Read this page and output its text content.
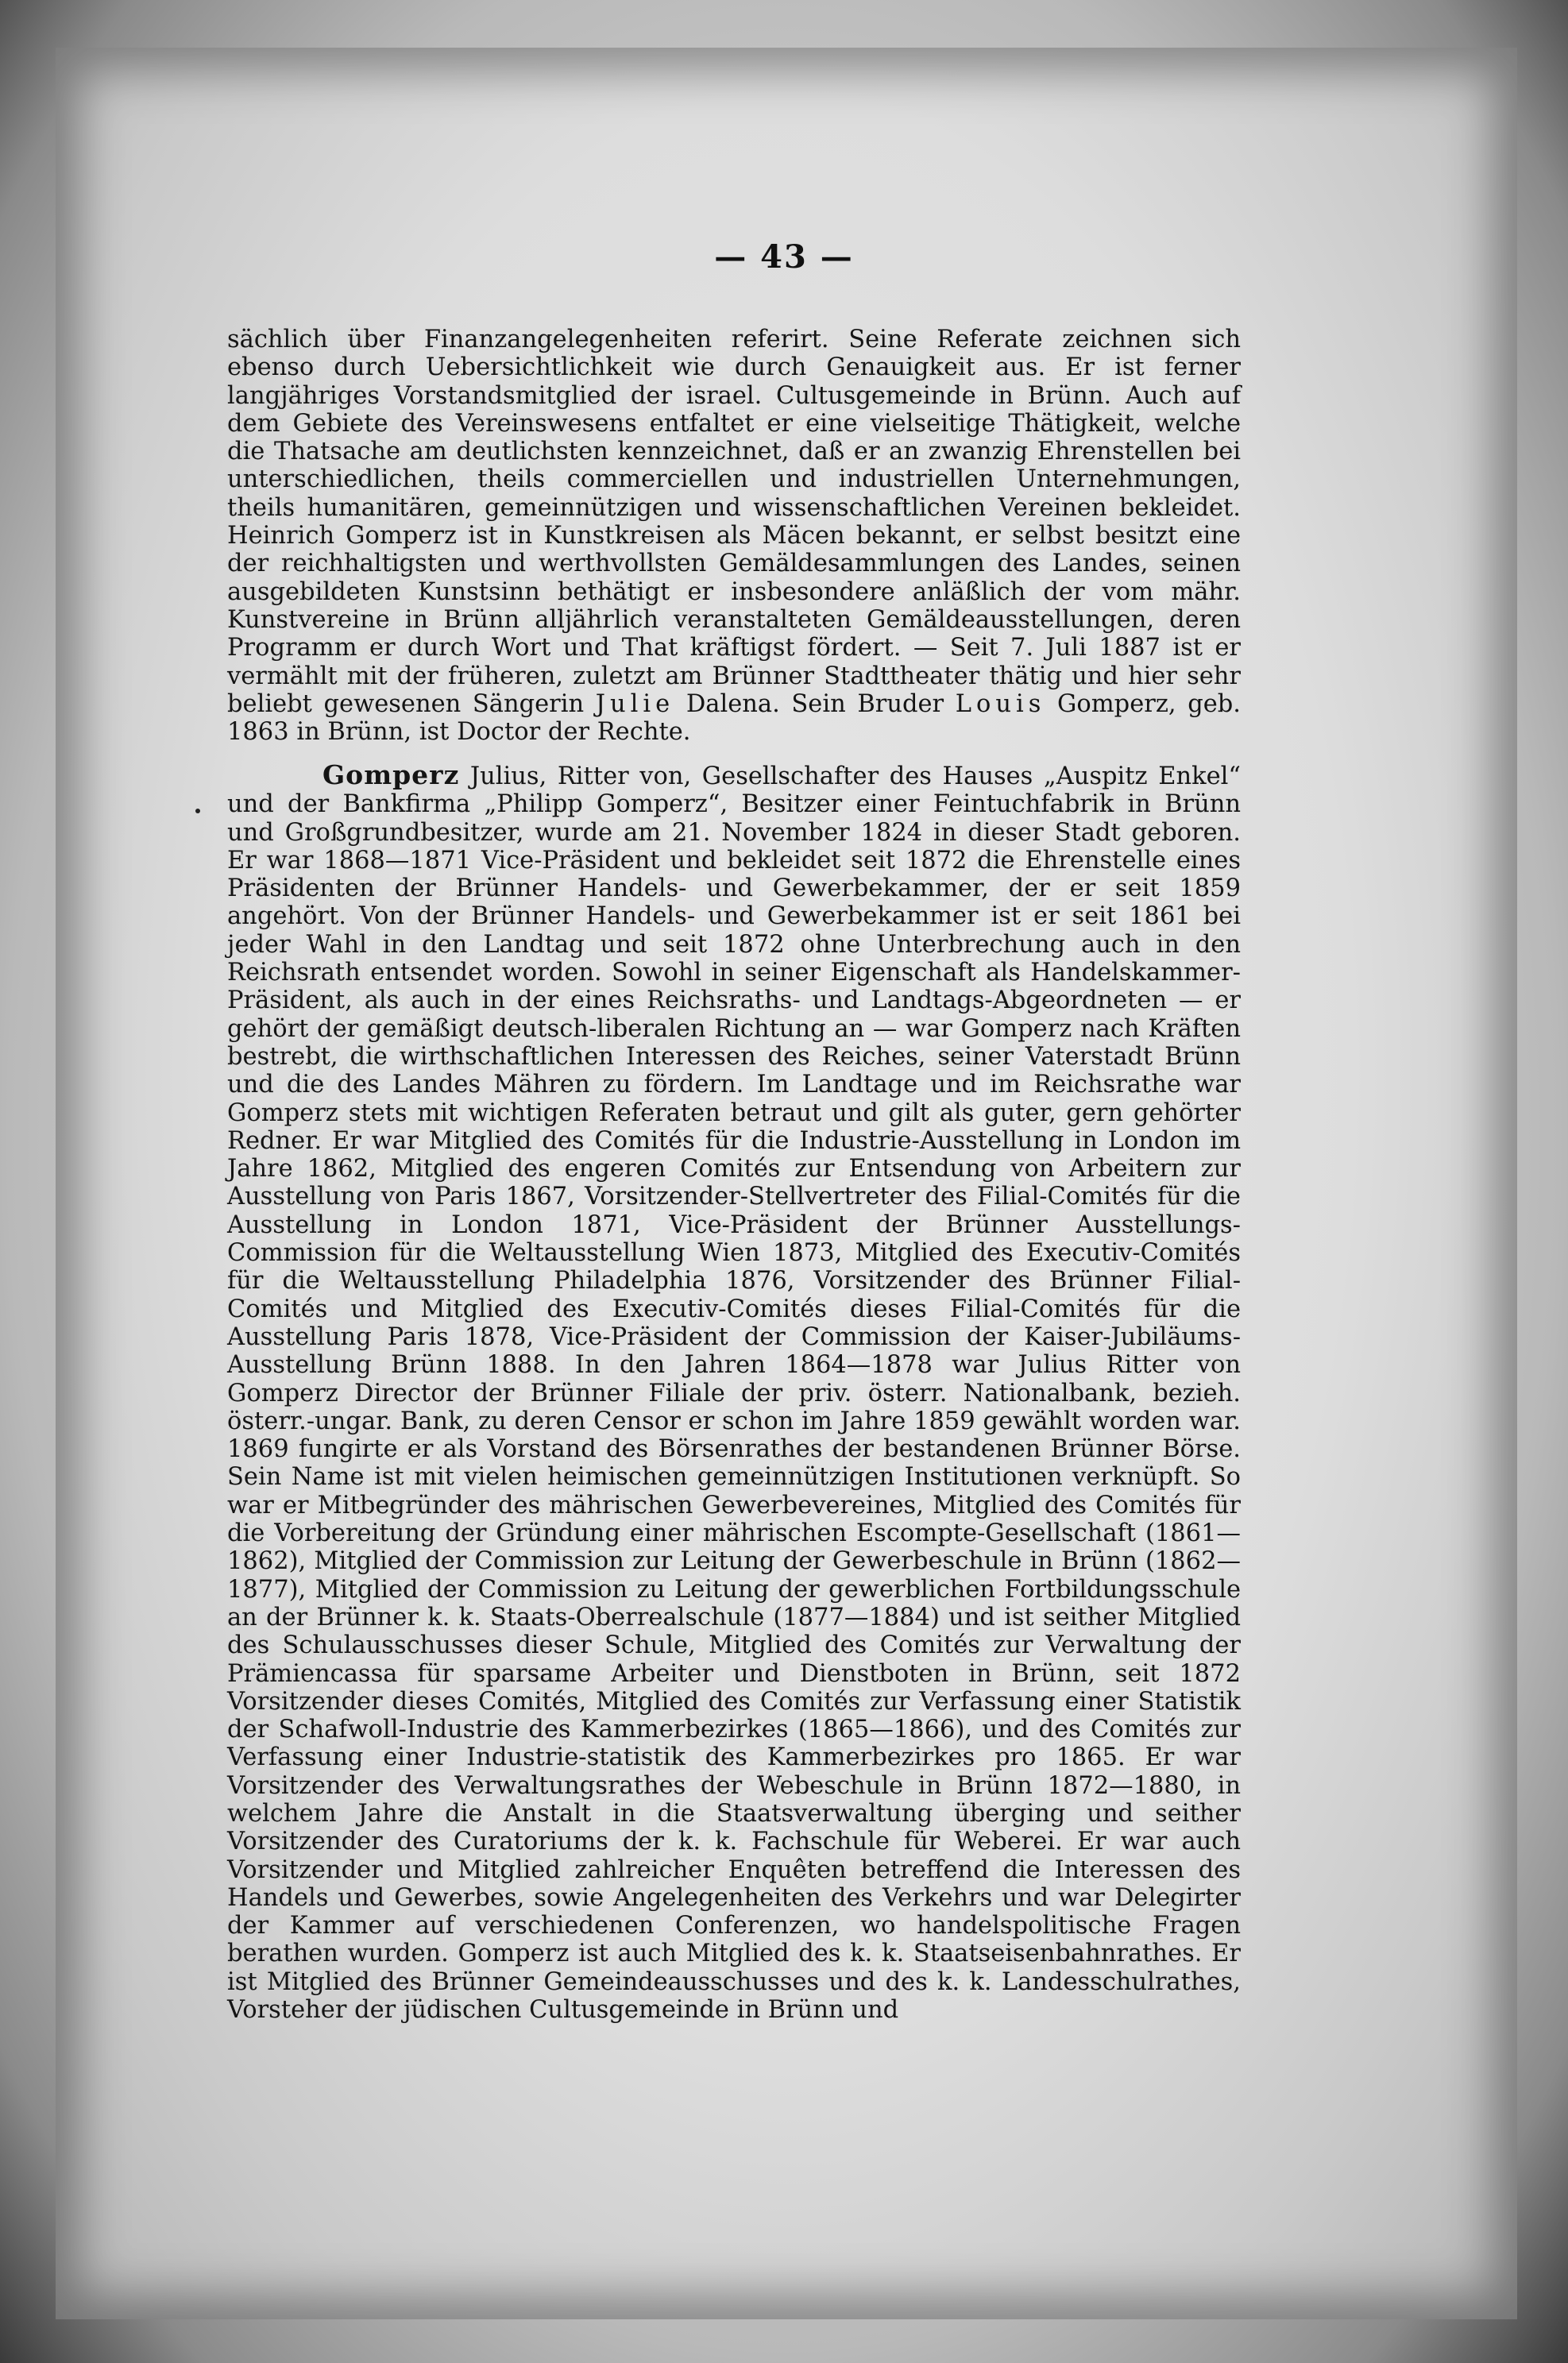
— 43 —
sächlich über Finanzangelegenheiten referirt. Seine Referate zeichnen sich ebenso durch Uebersichtlichkeit wie durch Genauigkeit aus. Er ist ferner langjähriges Vorstandsmitglied der israel. Cultusgemeinde in Brünn. Auch auf dem Gebiete des Vereinswesens entfaltet er eine vielseitige Thätigkeit, welche die Thatsache am deutlichsten kennzeichnet, daß er an zwanzig Ehrenstellen bei unterschiedlichen, theils commerciellen und industriellen Unternehmungen, theils humanitären, gemeinnützigen und wissenschaftlichen Vereinen bekleidet. Heinrich Gomperz ist in Kunstkreisen als Mäcen bekannt, er selbst besitzt eine der reichhaltigsten und werthvollsten Gemäldesammlungen des Landes, seinen ausgebildeten Kunstsinn bethätigt er insbesondere anläßlich der vom mähr. Kunstvereine in Brünn alljährlich veranstalteten Gemäldeausstellungen, deren Programm er durch Wort und That kräftigst fördert. — Seit 7. Juli 1887 ist er vermählt mit der früheren, zuletzt am Brünner Stadttheater thätig und hier sehr beliebt gewesenen Sängerin Julie Dalena. Sein Bruder Louis Gomperz, geb. 1863 in Brünn, ist Doctor der Rechte.
Gomperz Julius, Ritter von, Gesellschafter des Hauses „Auspitz Enkel“ und der Bankfirma „Philipp Gomperz“, Besitzer einer Feintuchfabrik in Brünn und Großgrundbesitzer, wurde am 21. November 1824 in dieser Stadt geboren. Er war 1868—1871 Vice-Präsident und bekleidet seit 1872 die Ehrenstelle eines Präsidenten der Brünner Handels- und Gewerbekammer, der er seit 1859 angehört. Von der Brünner Handels- und Gewerbekammer ist er seit 1861 bei jeder Wahl in den Landtag und seit 1872 ohne Unterbrechung auch in den Reichsrath entsendet worden. Sowohl in seiner Eigenschaft als Handelskammer-Präsident, als auch in der eines Reichsraths- und Landtags-Abgeordneten — er gehört der gemäßigt deutsch-liberalen Richtung an — war Gomperz nach Kräften bestrebt, die wirthschaftlichen Interessen des Reiches, seiner Vaterstadt Brünn und die des Landes Mähren zu fördern. Im Landtage und im Reichsrathe war Gomperz stets mit wichtigen Referaten betraut und gilt als guter, gern gehörter Redner. Er war Mitglied des Comités für die Industrie-Ausstellung in London im Jahre 1862, Mitglied des engeren Comités zur Entsendung von Arbeitern zur Ausstellung von Paris 1867, Vorsitzender-Stellvertreter des Filial-Comités für die Ausstellung in London 1871, Vice-Präsident der Brünner Ausstellungs-Commission für die Weltausstellung Wien 1873, Mitglied des Executiv-Comités für die Weltausstellung Philadelphia 1876, Vorsitzender des Brünner Filial-Comités und Mitglied des Executiv-Comités dieses Filial-Comités für die Ausstellung Paris 1878, Vice-Präsident der Commission der Kaiser-Jubiläums-Ausstellung Brünn 1888. In den Jahren 1864—1878 war Julius Ritter von Gomperz Director der Brünner Filiale der priv. österr. Nationalbank, bezieh. österr.-ungar. Bank, zu deren Censor er schon im Jahre 1859 gewählt worden war. 1869 fungirte er als Vorstand des Börsenrathes der bestandenen Brünner Börse. Sein Name ist mit vielen heimischen gemeinnützigen Institutionen verknüpft. So war er Mitbegründer des mährischen Gewerbevereines, Mitglied des Comités für die Vorbereitung der Gründung einer mährischen Escompte-Gesellschaft (1861—1862), Mitglied der Commission zur Leitung der Gewerbeschule in Brünn (1862—1877), Mitglied der Commission zu Leitung der gewerblichen Fortbildungsschule an der Brünner k. k. Staats-Oberrealschule (1877—1884) und ist seither Mitglied des Schulausschusses dieser Schule, Mitglied des Comités zur Verwaltung der Prämiencassa für sparsame Arbeiter und Dienstboten in Brünn, seit 1872 Vorsitzender dieses Comités, Mitglied des Comités zur Verfassung einer Statistik der Schafwoll-Industrie des Kammerbezirkes (1865—1866), und des Comités zur Verfassung einer Industrie-statistik des Kammerbezirkes pro 1865. Er war Vorsitzender des Verwaltungsrathes der Webeschule in Brünn 1872—1880, in welchem Jahre die Anstalt in die Staatsverwaltung überging und seither Vorsitzender des Curatoriums der k. k. Fachschule für Weberei. Er war auch Vorsitzender und Mitglied zahlreicher Enquêten betreffend die Interessen des Handels und Gewerbes, sowie Angelegenheiten des Verkehrs und war Delegirter der Kammer auf verschiedenen Conferenzen, wo handelspolitische Fragen berathen wurden. Gomperz ist auch Mitglied des k. k. Staatseisenbahnrathes. Er ist Mitglied des Brünner Gemeindeausschusses und des k. k. Landesschulrathes, Vorsteher der jüdischen Cultusgemeinde in Brünn und
